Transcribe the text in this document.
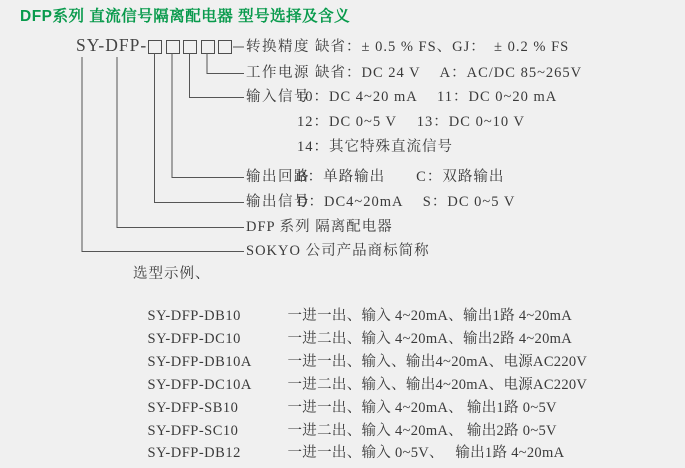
DFP系列 直流信号隔离配电器 型号选择及含义
SY-DFP-	转换精度 缺省：± 0.5 % FS、GJ：　± 0.2 % FS
工作电源 缺省：DC 24 V　 A：AC/DC 85~265V
输入信号
10：DC 4~20 mA　 11：DC 0~20 mA
12：DC 0~5 V　 13：DC 0~10 V
14：其它特殊直流信号
输出回路
B：单路输出　　C：双路输出
输出信号
D：DC4~20mA　 S：DC 0~5 V
DFP 系列 隔离配电器
SOKYO 公司产品商标简称
选型示例、

SY-DFP-DB10	一进一出、输入 4~20mA、输出1路 4~20mA

SY-DFP-DC10	一进二出、输入 4~20mA、输出2路 4~20mA

SY-DFP-DB10A 一进一出、输入、输出4~20mA、电源AC220V

SY-DFP-DC10A 一进二出、输入、输出4~20mA、电源AC220V

SY-DFP-SB10	一进一出、输入 4~20mA、 输出1路 0~5V

SY-DFP-SC10	一进二出、输入 4~20mA、 输出2路 0~5V

SY-DFP-DB12	一进一出、输入 0~5V、　 输出1路 4~20mA
